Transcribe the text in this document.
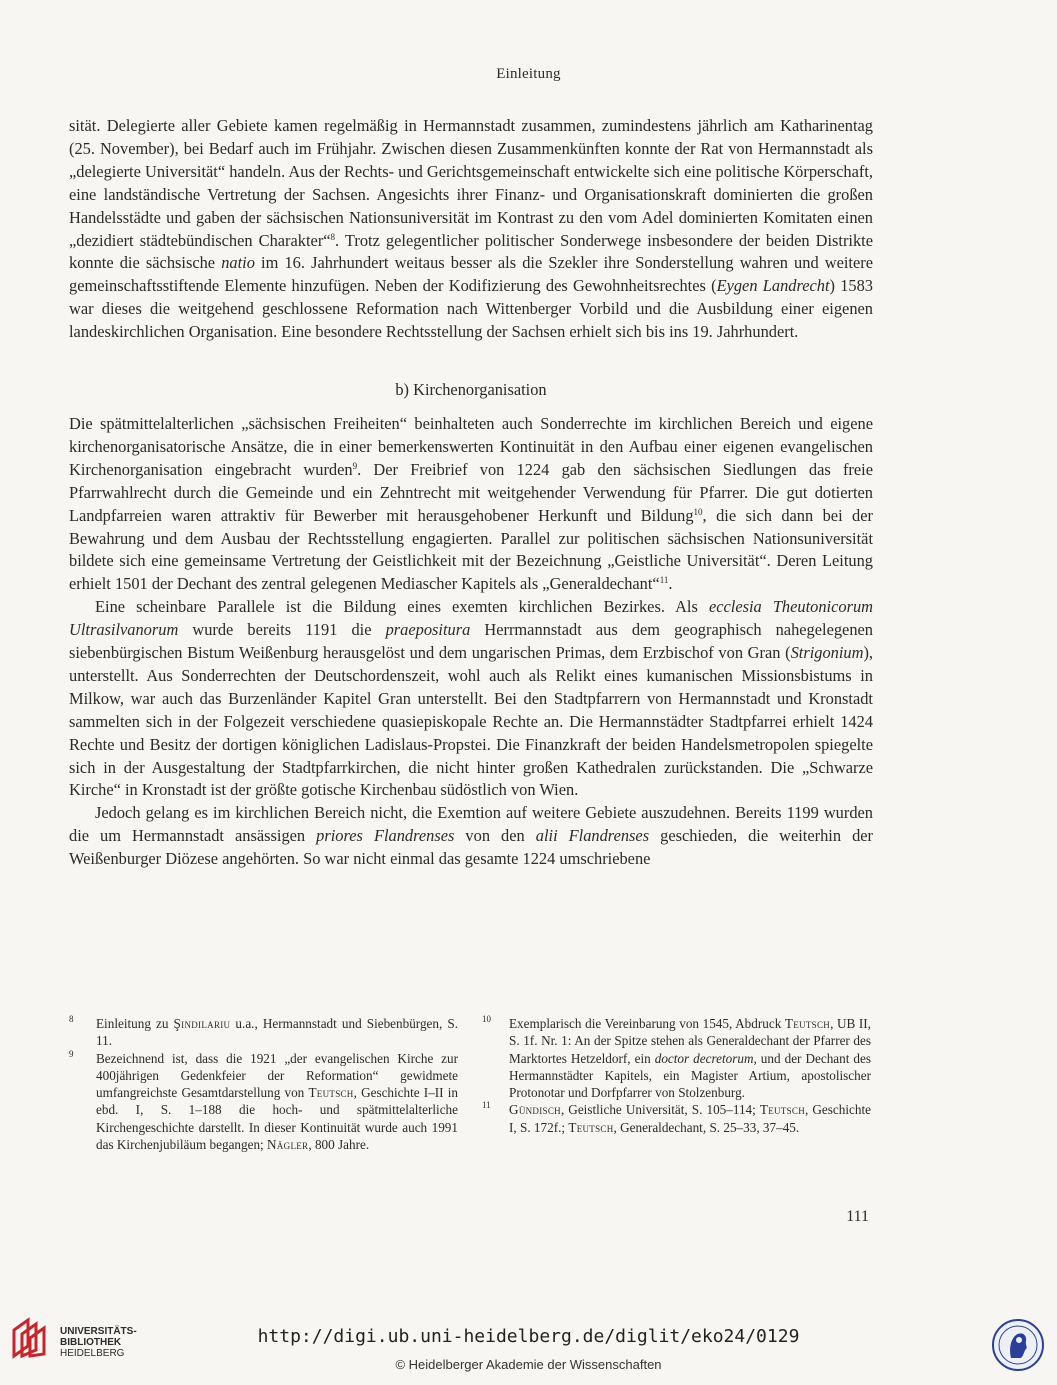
Einleitung

sität. Delegierte aller Gebiete kamen regelmäßig in Hermannstadt zusammen, zumindestens jährlich am Katharinentag (25. November), bei Bedarf auch im Frühjahr. Zwischen diesen Zusammenkünften konnte der Rat von Hermannstadt als „delegierte Universität“ handeln. Aus der Rechts- und Gerichtsgemeinschaft entwickelte sich eine politische Körperschaft, eine landständische Vertretung der Sachsen. Angesichts ihrer Finanz- und Organisationskraft dominierten die großen Handelsstädte und gaben der sächsischen Nationsuniversität im Kontrast zu den vom Adel dominierten Komitaten einen „dezidiert städtebündischen Charakter“$^8$. Trotz gelegentlicher politischer Sonderwege insbesondere der beiden Distrikte konnte die sächsische natio im 16. Jahrhundert weitaus besser als die Szekler ihre Sonderstellung wahren und weitere gemeinschaftsstiftende Elemente hinzufügen. Neben der Kodifizierung des Gewohnheitsrechtes (Eygen Landrecht) 1583 war dieses die weitgehend geschlossene Reformation nach Wittenberger Vorbild und die Ausbildung einer eigenen landeskirchlichen Organisation. Eine besondere Rechtsstellung der Sachsen erhielt sich bis ins 19. Jahrhundert.

b) Kirchenorganisation

Die spätmittelalterlichen „sächsischen Freiheiten“ beinhalteten auch Sonderrechte im kirchlichen Bereich und eigene kirchenorganisatorische Ansätze, die in einer bemerkenswerten Kontinuität in den Aufbau einer eigenen evangelischen Kirchenorganisation eingebracht wurden$^9$. Der Freibrief von 1224 gab den sächsischen Siedlungen das freie Pfarrwahlrecht durch die Gemeinde und ein Zehntrecht mit weitgehender Verwendung für Pfarrer. Die gut dotierten Landpfarreien waren attraktiv für Bewerber mit herausgehobener Herkunft und Bildung$^{10}$, die sich dann bei der Bewahrung und dem Ausbau der Rechtsstellung engagierten. Parallel zur politischen sächsischen Nationsuniversität bildete sich eine gemeinsame Vertretung der Geistlichkeit mit der Bezeichnung „Geistliche Universität“. Deren Leitung erhielt 1501 der Dechant des zentral gelegenen Mediascher Kapitels als „Generaldechant“$^{11}$.

Eine scheinbare Parallele ist die Bildung eines exemten kirchlichen Bezirkes. Als ecclesia Theutonicorum Ultrasilvanorum wurde bereits 1191 die praepositura Herrmannstadt aus dem geographisch nahegelegenen siebenbürgischen Bistum Weißenburg herausgelöst und dem ungarischen Primas, dem Erzbischof von Gran (Strigonium), unterstellt. Aus Sonderrechten der Deutschordenszeit, wohl auch als Relikt eines kumanischen Missionsbistums in Milkow, war auch das Burzenländer Kapitel Gran unterstellt. Bei den Stadtpfarrern von Hermannstadt und Kronstadt sammelten sich in der Folgezeit verschiedene quasiepiskopale Rechte an. Die Hermannstädter Stadtpfarrei erhielt 1424 Rechte und Besitz der dortigen königlichen Ladislaus-Propstei. Die Finanzkraft der beiden Handelsmetropolen spiegelte sich in der Ausgestaltung der Stadtpfarrkirchen, die nicht hinter großen Kathedralen zurückstanden. Die „Schwarze Kirche“ in Kronstadt ist der größte gotische Kirchenbau südöstlich von Wien.

Jedoch gelang es im kirchlichen Bereich nicht, die Exemtion auf weitere Gebiete auszudehnen. Bereits 1199 wurden die um Hermannstadt ansässigen priores Flandrenses von den alii Flandrenses geschieden, die weiterhin der Weißenburger Diözese angehörten. So war nicht einmal das gesamte 1224 umschriebene

8	Einleitung zu Şindilariu u.a., Hermannstadt und Siebenbürgen, S. 11.

9	Bezeichnend ist, dass die 1921 „der evangelischen Kirche zur 400jährigen Gedenkfeier der Reformation“ gewidmete umfangreichste Gesamtdarstellung von Teutsch, Geschichte I–II in ebd. I, S. 1–188 die hoch- und spätmittelalterliche Kirchengeschichte darstellt. In dieser Kontinuität wurde auch 1991 das Kirchenjubiläum begangen; Nägler, 800 Jahre.

10	Exemplarisch die Vereinbarung von 1545, Abdruck Teutsch, UB II, S. 1f. Nr. 1: An der Spitze stehen als Generaldechant der Pfarrer des Marktortes Hetzeldorf, ein doctor decretorum, und der Dechant des Hermannstädter Kapitels, ein Magister Artium, apostolischer Protonotar und Dorfpfarrer von Stolzenburg.

11	Gündisch, Geistliche Universität, S. 105–114; Teutsch, Geschichte I, S. 172f.; Teutsch, Generaldechant, S. 25–33, 37–45.

111
UNIVERSITÄTS-
BIBLIOTHEK
HEIDELBERG
http://digi.ub.uni-heidelberg.de/diglit/eko24/0129
© Heidelberger Akademie der Wissenschaften
